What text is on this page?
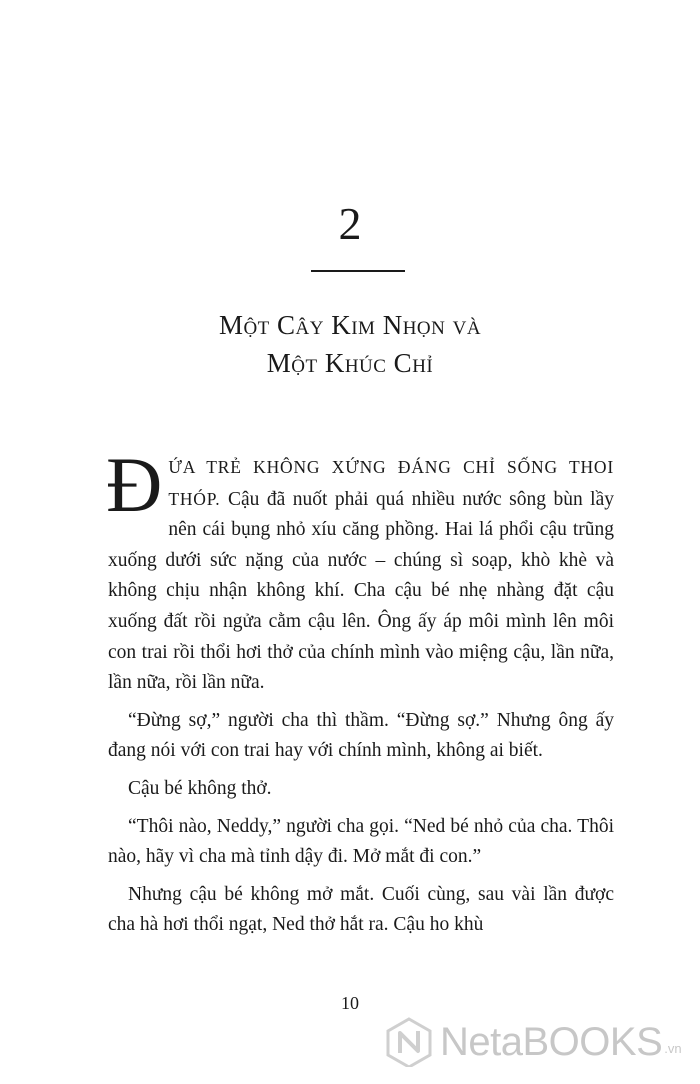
2
Một Cây Kim Nhọn và
Một Khúc Chỉ

ĐỨA TRẺ KHÔNG XỨNG ĐÁNG CHỈ SỐNG THOI THÓP. Cậu đã nuốt phải quá nhiều nước sông bùn lầy nên cái bụng nhỏ xíu căng phồng. Hai lá phổi cậu trũng xuống dưới sức nặng của nước – chúng sì soạp, khò khè và không chịu nhận không khí. Cha cậu bé nhẹ nhàng đặt cậu xuống đất rồi ngửa cằm cậu lên. Ông ấy áp môi mình lên môi con trai rồi thổi hơi thở của chính mình vào miệng cậu, lần nữa, lần nữa, rồi lần nữa.

“Đừng sợ,” người cha thì thầm. “Đừng sợ.” Nhưng ông ấy đang nói với con trai hay với chính mình, không ai biết.

Cậu bé không thở.

“Thôi nào, Neddy,” người cha gọi. “Ned bé nhỏ của cha. Thôi nào, hãy vì cha mà tỉnh dậy đi. Mở mắt đi con.”

Nhưng cậu bé không mở mắt. Cuối cùng, sau vài lần được cha hà hơi thổi ngạt, Ned thở hắt ra. Cậu ho khù

10
NetaBOOKS .vn
